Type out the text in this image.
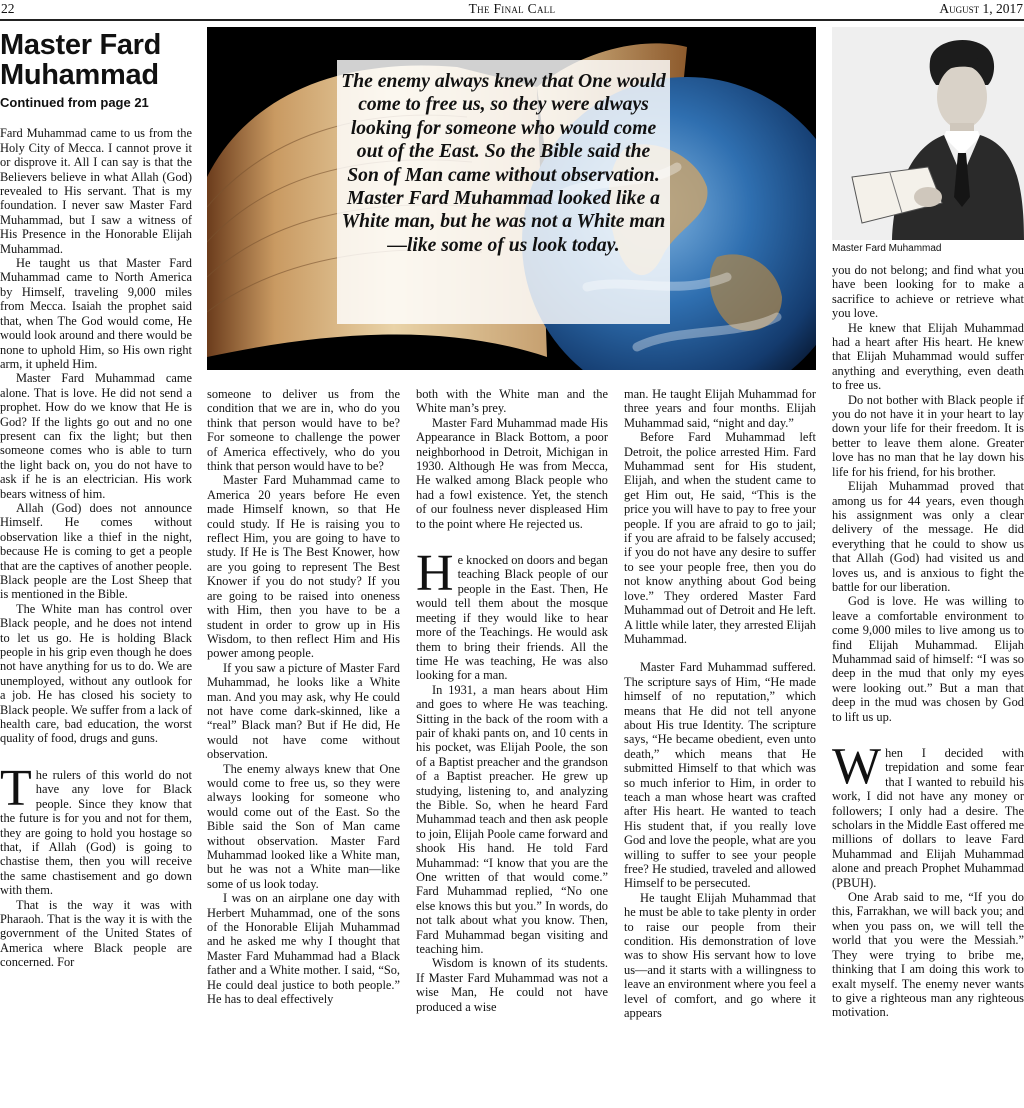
22	The Final Call	August 1, 2017
Master Fard
Muhammad
Continued from page 21

Fard Muhammad came to us from the Holy City of Mecca. I cannot prove it or disprove it. All I can say is that the Believers believe in what Allah (God) revealed to His servant. That is my foundation. I never saw Master Fard Muhammad, but I saw a witness of His Presence in the Honorable Elijah Muhammad.

He taught us that Master Fard Muhammad came to North America by Himself, traveling 9,000 miles from Mecca. Isaiah the prophet said that, when The God would come, He would look around and there would be none to uphold Him, so His own right arm, it upheld Him.

Master Fard Muhammad came alone. That is love. He did not send a prophet. How do we know that He is God? If the lights go out and no one present can fix the light; but then someone comes who is able to turn the light back on, you do not have to ask if he is an electrician. His work bears witness of him.

Allah (God) does not announce Himself. He comes without observation like a thief in the night, because He is coming to get a people that are the captives of another people. Black people are the Lost Sheep that is mentioned in the Bible.

The White man has control over Black people, and he does not intend to let us go. He is holding Black people in his grip even though he does not have anything for us to do. We are unemployed, without any outlook for a job. He has closed his society to Black people. We suffer from a lack of health care, bad education, the worst quality of food, drugs and guns.

The rulers of this world do not have any love for Black people. Since they know that the future is for you and not for them, they are going to hold you hostage so that, if Allah (God) is going to chastise them, then you will receive the same chastisement and go down with them.

That is the way it was with Pharaoh. That is the way it is with the government of the United States of America where Black people are concerned. For

The enemy always knew that One would come to free us, so they were always looking for someone who would come out of the East. So the Bible said the Son of Man came without observation. Master Fard Muhammad looked like a White man, but he was not a White man—like some of us look today.	Master Fard Muhammad

someone to deliver us from the condition that we are in, who do you think that person would have to be? For someone to challenge the power of America effectively, who do you think that person would have to be?

Master Fard Muhammad came to America 20 years before He even made Himself known, so that He could study. If He is raising you to reflect Him, you are going to have to study. If He is The Best Knower, how are you going to represent The Best Knower if you do not study? If you are going to be raised into oneness with Him, then you have to be a student in order to grow up in His Wisdom, to then reflect Him and His power among people.

If you saw a picture of Master Fard Muhammad, he looks like a White man. And you may ask, why He could not have come dark-skinned, like a “real” Black man? But if He did, He would not have come without observation.

The enemy always knew that One would come to free us, so they were always looking for someone who would come out of the East. So the Bible said the Son of Man came without observation. Master Fard Muhammad looked like a White man, but he was not a White man—like some of us look today.

I was on an airplane one day with Herbert Muhammad, one of the sons of the Honorable Elijah Muhammad and he asked me why I thought that Master Fard Muhammad had a Black father and a White mother. I said, “So, He could deal justice to both people.” He has to deal effectively

both with the White man and the White man’s prey.

Master Fard Muhammad made His Appearance in Black Bottom, a poor neighborhood in Detroit, Michigan in 1930. Although He was from Mecca, He walked among Black people who had a fowl existence. Yet, the stench of our foulness never displeased Him to the point where He rejected us.

He knocked on doors and began teaching Black people of our people in the East. Then, He would tell them about the mosque meeting if they would like to hear more of the Teachings. He would ask them to bring their friends. All the time He was teaching, He was also looking for a man.

In 1931, a man hears about Him and goes to where He was teaching. Sitting in the back of the room with a pair of khaki pants on, and 10 cents in his pocket, was Elijah Poole, the son of a Baptist preacher and the grandson of a Baptist preacher. He grew up studying, listening to, and analyzing the Bible. So, when he heard Fard Muhammad teach and then ask people to join, Elijah Poole came forward and shook His hand. He told Fard Muhammad: “I know that you are the One written of that would come.” Fard Muhammad replied, “No one else knows this but you.” In words, do not talk about what you know. Then, Fard Muhammad began visiting and teaching him.

Wisdom is known of its students. If Master Fard Muhammad was not a wise Man, He could not have produced a wise

man. He taught Elijah Muhammad for three years and four months. Elijah Muhammad said, “night and day.”

Before Fard Muhammad left Detroit, the police arrested Him. Fard Muhammad sent for His student, Elijah, and when the student came to get Him out, He said, “This is the price you will have to pay to free your people. If you are afraid to go to jail; if you are afraid to be falsely accused; if you do not have any desire to suffer to see your people free, then you do not know anything about God being love.” They ordered Master Fard Muhammad out of Detroit and He left. A little while later, they arrested Elijah Muhammad.

Master Fard Muhammad suffered. The scripture says of Him, “He made himself of no reputation,” which means that He did not tell anyone about His true Identity. The scripture says, “He became obedient, even unto death,” which means that He submitted Himself to that which was so much inferior to Him, in order to teach a man whose heart was crafted after His heart. He wanted to teach His student that, if you really love God and love the people, what are you willing to suffer to see your people free? He studied, traveled and allowed Himself to be persecuted.

He taught Elijah Muhammad that he must be able to take plenty in order to raise our people from their condition. His demonstration of love was to show His servant how to love us—and it starts with a willingness to leave an environment where you feel a level of comfort, and go where it appears

you do not belong; and find what you have been looking for to make a sacrifice to achieve or retrieve what you love.

He knew that Elijah Muhammad had a heart after His heart. He knew that Elijah Muhammad would suffer anything and everything, even death to free us.

Do not bother with Black people if you do not have it in your heart to lay down your life for their freedom. It is better to leave them alone. Greater love has no man that he lay down his life for his friend, for his brother.

Elijah Muhammad proved that among us for 44 years, even though his assignment was only a clear delivery of the message. He did everything that he could to show us that Allah (God) had visited us and loves us, and is anxious to fight the battle for our liberation.

God is love. He was willing to leave a comfortable environment to come 9,000 miles to live among us to find Elijah Muhammad. Elijah Muhammad said of himself: “I was so deep in the mud that only my eyes were looking out.” But a man that deep in the mud was chosen by God to lift us up.

When I decided with trepidation and some fear that I wanted to rebuild his work, I did not have any money or followers; I only had a desire. The scholars in the Middle East offered me millions of dollars to leave Fard Muhammad and Elijah Muhammad alone and preach Prophet Muhammad (PBUH).

One Arab said to me, “If you do this, Farrakhan, we will back you; and when you pass on, we will tell the world that you were the Messiah.” They were trying to bribe me, thinking that I am doing this work to exalt myself. The enemy never wants to give a righteous man any righteous motivation.
